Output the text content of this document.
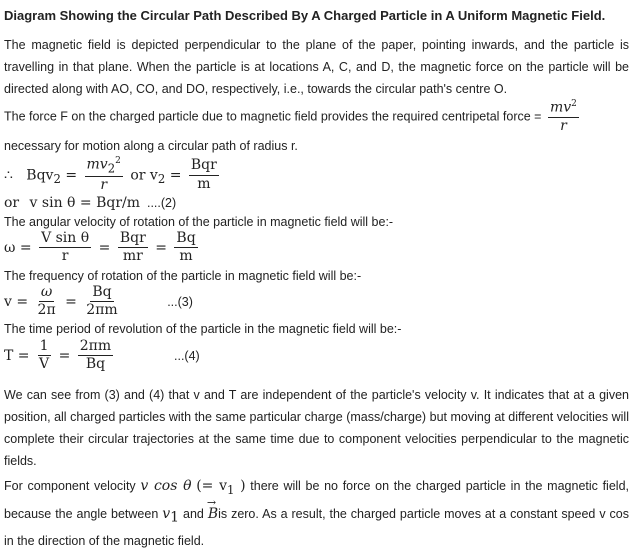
Diagram Showing the Circular Path Described By A Charged Particle in A Uniform Magnetic Field.

The magnetic field is depicted perpendicular to the plane of the paper, pointing inwards, and the particle is travelling in that plane. When the particle is at locations A, C, and D, the magnetic force on the particle will be directed along with AO, CO, and DO, respectively, i.e., towards the circular path's centre O.

The force F on the charged particle due to magnetic field provides the required centripetal force = $\frac{mv^2}{r}$
necessary for motion along a circular path of radius r.
∴ $Bqv_2 = \frac{mv_2^2}{r}$ or $v_2 = \frac{\text{Bqr}}{m}$
or v sin θ = Bqr/m ....(2)
The angular velocity of rotation of the particle in magnetic field will be:-
$\omega = \frac{\text{V sin θ}}{r} = \frac{\text{Bqr}}{mr} = \frac{Bq}{m}$
The frequency of rotation of the particle in magnetic field will be:-
$v = \frac{\omega}{2\pi} = \frac{Bq}{2\pi m}$	...(3)
The time period of revolution of the particle in the magnetic field will be:-
$T = \frac{1}{V} = \frac{2\pi m}{Bq}$	...(4)

We can see from (3) and (4) that v and T are independent of the particle's velocity v. It indicates that at a given position, all charged particles with the same particular charge (mass/charge) but moving at different velocities will complete their circular trajectories at the same time due to component velocities perpendicular to the magnetic fields.

For component velocity v cos θ (= $v_1$ ) there will be no force on the charged particle in the magnetic field, because the angle between $v_1$ and → Bis zero. As a result, the charged particle moves at a constant speed v cos in the direction of the magnetic field.
